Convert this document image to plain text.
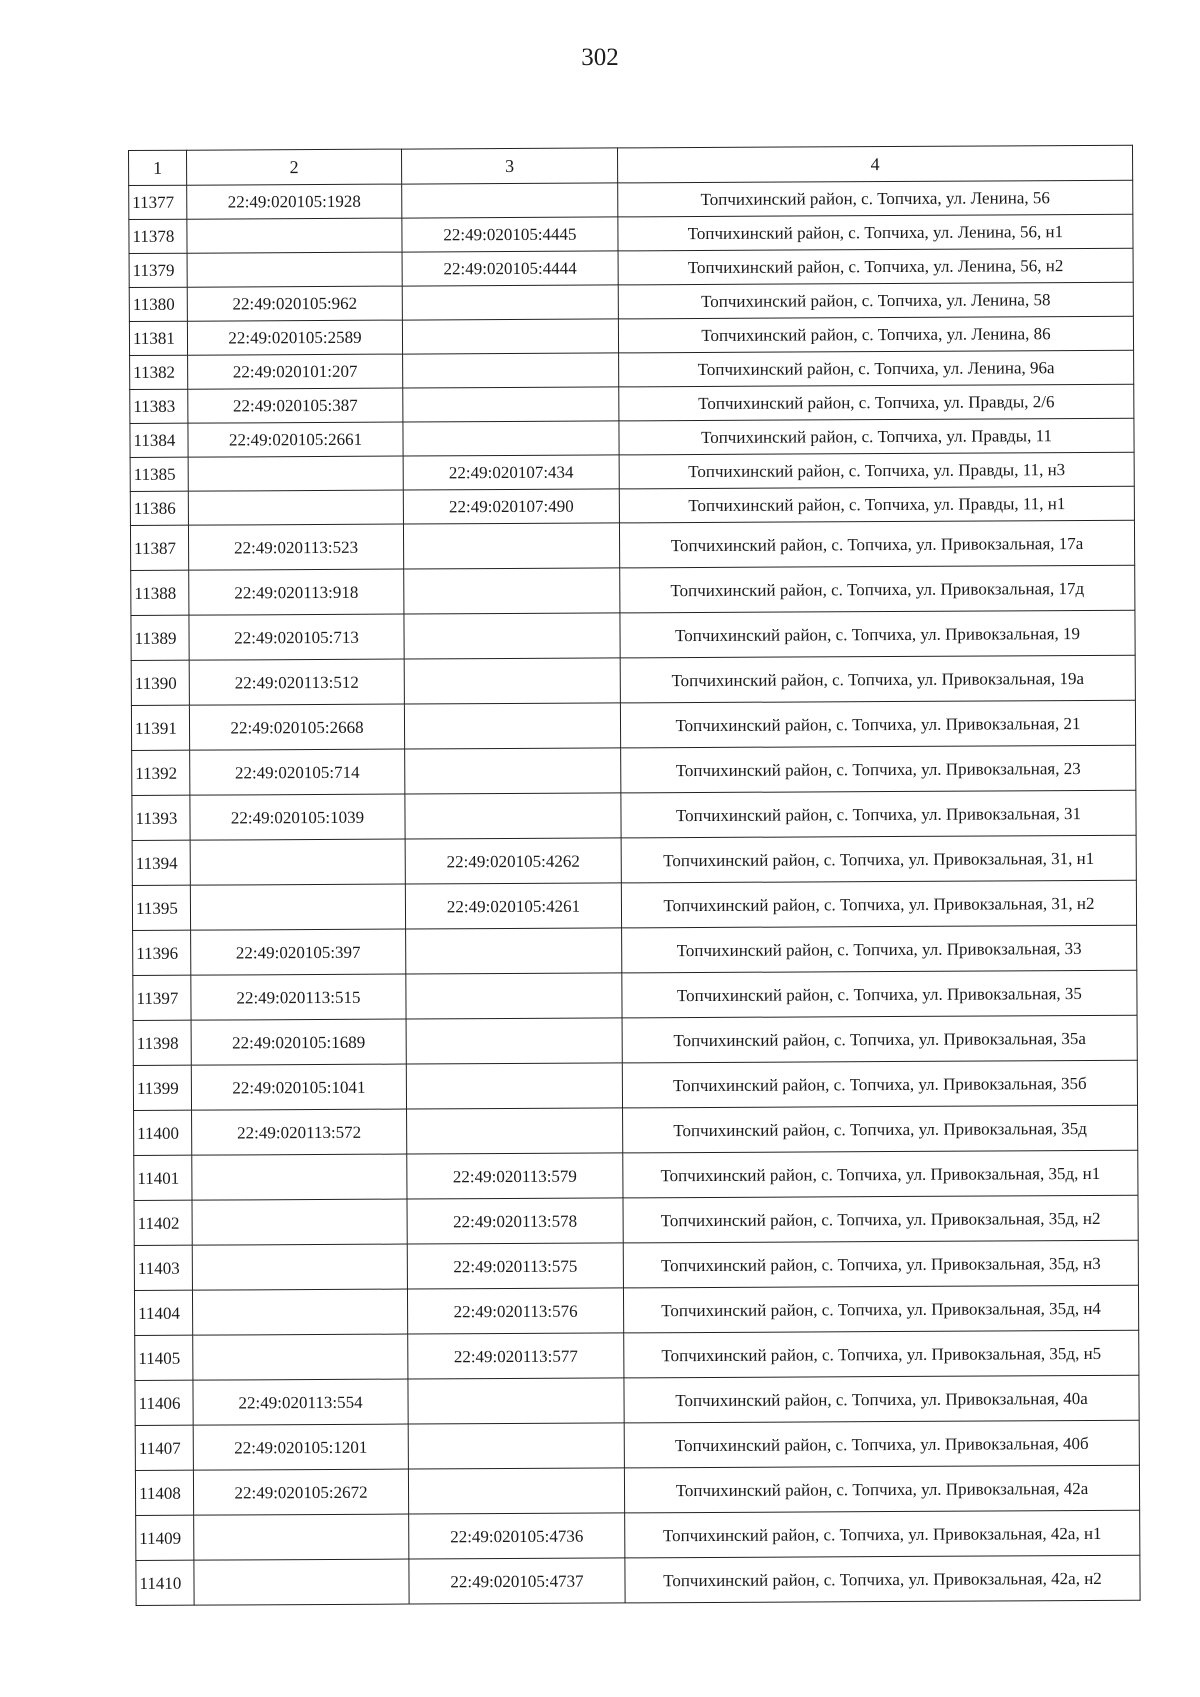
302
1	2	3	4
11377	22:49:020105:1928		Топчихинский район, с. Топчиха, ул. Ленина, 56
11378		22:49:020105:4445	Топчихинский район, с. Топчиха, ул. Ленина, 56, н1
11379		22:49:020105:4444	Топчихинский район, с. Топчиха, ул. Ленина, 56, н2
11380	22:49:020105:962		Топчихинский район, с. Топчиха, ул. Ленина, 58
11381	22:49:020105:2589		Топчихинский район, с. Топчиха, ул. Ленина, 86
11382	22:49:020101:207		Топчихинский район, с. Топчиха, ул. Ленина, 96а
11383	22:49:020105:387		Топчихинский район, с. Топчиха, ул. Правды, 2/6
11384	22:49:020105:2661		Топчихинский район, с. Топчиха, ул. Правды, 11
11385		22:49:020107:434	Топчихинский район, с. Топчиха, ул. Правды, 11, н3
11386		22:49:020107:490	Топчихинский район, с. Топчиха, ул. Правды, 11, н1
11387	22:49:020113:523		Топчихинский район, с. Топчиха, ул. Привокзальная, 17а
11388	22:49:020113:918		Топчихинский район, с. Топчиха, ул. Привокзальная, 17д
11389	22:49:020105:713		Топчихинский район, с. Топчиха, ул. Привокзальная, 19
11390	22:49:020113:512		Топчихинский район, с. Топчиха, ул. Привокзальная, 19а
11391	22:49:020105:2668		Топчихинский район, с. Топчиха, ул. Привокзальная, 21
11392	22:49:020105:714		Топчихинский район, с. Топчиха, ул. Привокзальная, 23
11393	22:49:020105:1039		Топчихинский район, с. Топчиха, ул. Привокзальная, 31
11394		22:49:020105:4262	Топчихинский район, с. Топчиха, ул. Привокзальная, 31, н1
11395		22:49:020105:4261	Топчихинский район, с. Топчиха, ул. Привокзальная, 31, н2
11396	22:49:020105:397		Топчихинский район, с. Топчиха, ул. Привокзальная, 33
11397	22:49:020113:515		Топчихинский район, с. Топчиха, ул. Привокзальная, 35
11398	22:49:020105:1689		Топчихинский район, с. Топчиха, ул. Привокзальная, 35а
11399	22:49:020105:1041		Топчихинский район, с. Топчиха, ул. Привокзальная, 35б
11400	22:49:020113:572		Топчихинский район, с. Топчиха, ул. Привокзальная, 35д
11401		22:49:020113:579	Топчихинский район, с. Топчиха, ул. Привокзальная, 35д, н1
11402		22:49:020113:578	Топчихинский район, с. Топчиха, ул. Привокзальная, 35д, н2
11403		22:49:020113:575	Топчихинский район, с. Топчиха, ул. Привокзальная, 35д, н3
11404		22:49:020113:576	Топчихинский район, с. Топчиха, ул. Привокзальная, 35д, н4
11405		22:49:020113:577	Топчихинский район, с. Топчиха, ул. Привокзальная, 35д, н5
11406	22:49:020113:554		Топчихинский район, с. Топчиха, ул. Привокзальная, 40а
11407	22:49:020105:1201		Топчихинский район, с. Топчиха, ул. Привокзальная, 40б
11408	22:49:020105:2672		Топчихинский район, с. Топчиха, ул. Привокзальная, 42а
11409		22:49:020105:4736	Топчихинский район, с. Топчиха, ул. Привокзальная, 42а, н1
11410		22:49:020105:4737	Топчихинский район, с. Топчиха, ул. Привокзальная, 42а, н2
